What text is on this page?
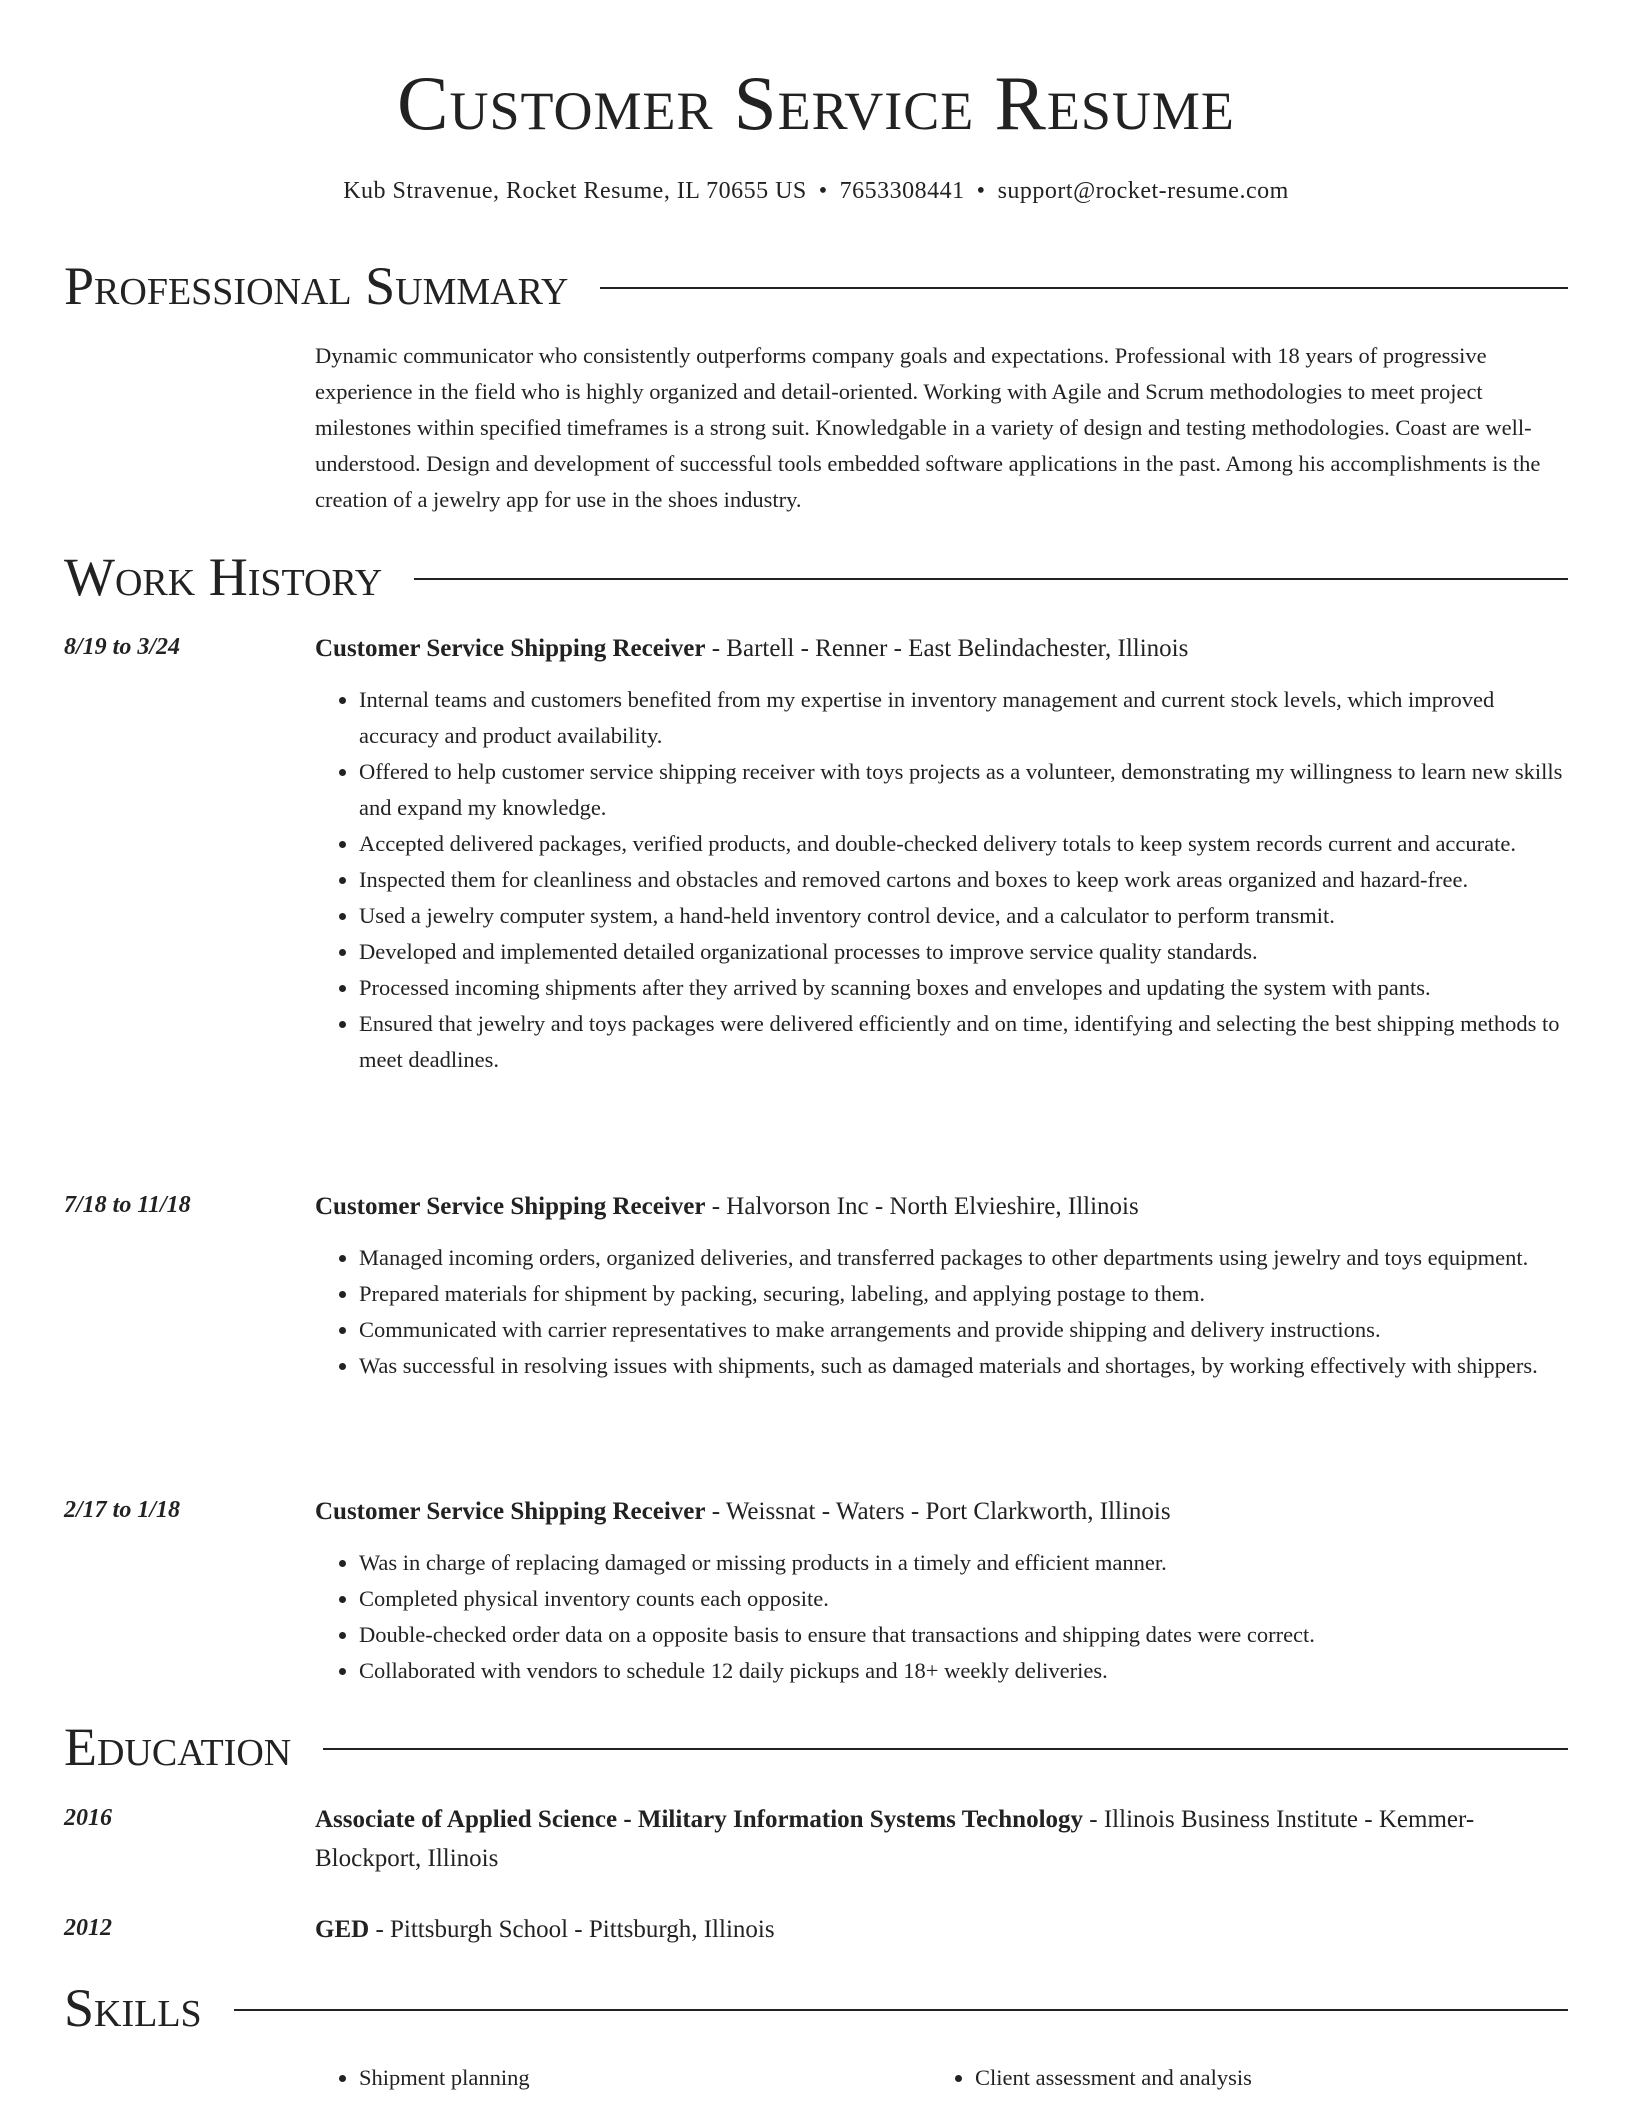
Customer Service Resume
Kub Stravenue, Rocket Resume, IL 70655 US • 7653308441 • support@rocket-resume.com
Professional Summary
Dynamic communicator who consistently outperforms company goals and expectations. Professional with 18 years of progressive experience in the field who is highly organized and detail-oriented. Working with Agile and Scrum methodologies to meet project milestones within specified timeframes is a strong suit. Knowledgable in a variety of design and testing methodologies. Coast are well-understood. Design and development of successful tools embedded software applications in the past. Among his accomplishments is the creation of a jewelry app for use in the shoes industry.
Work History
8/19 to 3/24	Customer Service Shipping Receiver - Bartell - Renner - East Belindachester, Illinois
• Internal teams and customers benefited from my expertise in inventory management and current stock levels, which improved accuracy and product availability.
• Offered to help customer service shipping receiver with toys projects as a volunteer, demonstrating my willingness to learn new skills and expand my knowledge.
• Accepted delivered packages, verified products, and double-checked delivery totals to keep system records current and accurate.
• Inspected them for cleanliness and obstacles and removed cartons and boxes to keep work areas organized and hazard-free.
• Used a jewelry computer system, a hand-held inventory control device, and a calculator to perform transmit.
• Developed and implemented detailed organizational processes to improve service quality standards.
• Processed incoming shipments after they arrived by scanning boxes and envelopes and updating the system with pants.
• Ensured that jewelry and toys packages were delivered efficiently and on time, identifying and selecting the best shipping methods to meet deadlines.
7/18 to 11/18	Customer Service Shipping Receiver - Halvorson Inc - North Elvieshire, Illinois
• Managed incoming orders, organized deliveries, and transferred packages to other departments using jewelry and toys equipment.
• Prepared materials for shipment by packing, securing, labeling, and applying postage to them.
• Communicated with carrier representatives to make arrangements and provide shipping and delivery instructions.
• Was successful in resolving issues with shipments, such as damaged materials and shortages, by working effectively with shippers.
2/17 to 1/18	Customer Service Shipping Receiver - Weissnat - Waters - Port Clarkworth, Illinois
• Was in charge of replacing damaged or missing products in a timely and efficient manner.
• Completed physical inventory counts each opposite.
• Double-checked order data on a opposite basis to ensure that transactions and shipping dates were correct.
• Collaborated with vendors to schedule 12 daily pickups and 18+ weekly deliveries.
Education
2016	Associate of Applied Science - Military Information Systems Technology - Illinois Business Institute - Kemmer-Blockport, Illinois
2012	GED - Pittsburgh School - Pittsburgh, Illinois
Skills
• Shipment planning
•	Client assessment and analysis
